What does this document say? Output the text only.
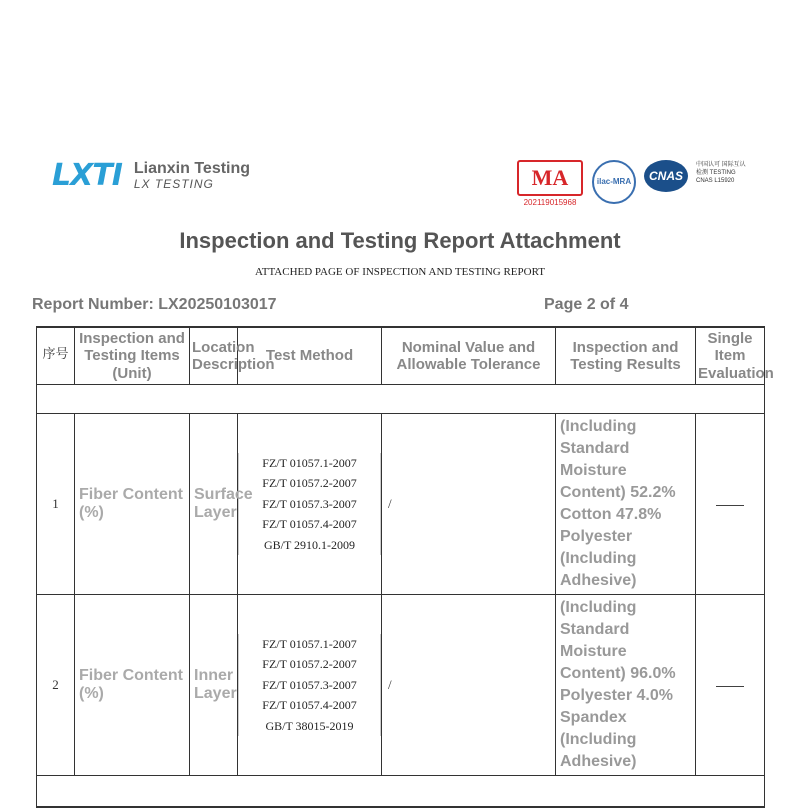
LXTI Lianxin Testing
LX TESTING	MA
202119015968
ilac-MRA	CNAS
中国认可 国际互认 检测 TESTING CNAS L15920
Inspection and Testing Report Attachment
ATTACHED PAGE OF INSPECTION AND TESTING REPORT
Report Number: LX20250103017	Page 2 of 4
序号	Inspection and Testing Items (Unit)	Location Description	Test Method	Nominal Value and Allowable Tolerance	Inspection and Testing Results	Single Item Evaluation

1	Fiber Content (%)	Surface Layer	FZ/T 01057.1-2007
FZ/T 01057.2-2007
FZ/T 01057.3-2007
FZ/T 01057.4-2007
GB/T 2910.1-2009	/	(Including Standard Moisture Content) 52.2% Cotton 47.8% Polyester (Including Adhesive)	——
2	Fiber Content (%)	Inner Layer	FZ/T 01057.1-2007
FZ/T 01057.2-2007
FZ/T 01057.3-2007
FZ/T 01057.4-2007
GB/T 38015-2019	/	(Including Standard Moisture Content) 96.0% Polyester 4.0% Spandex (Including Adhesive)	——
